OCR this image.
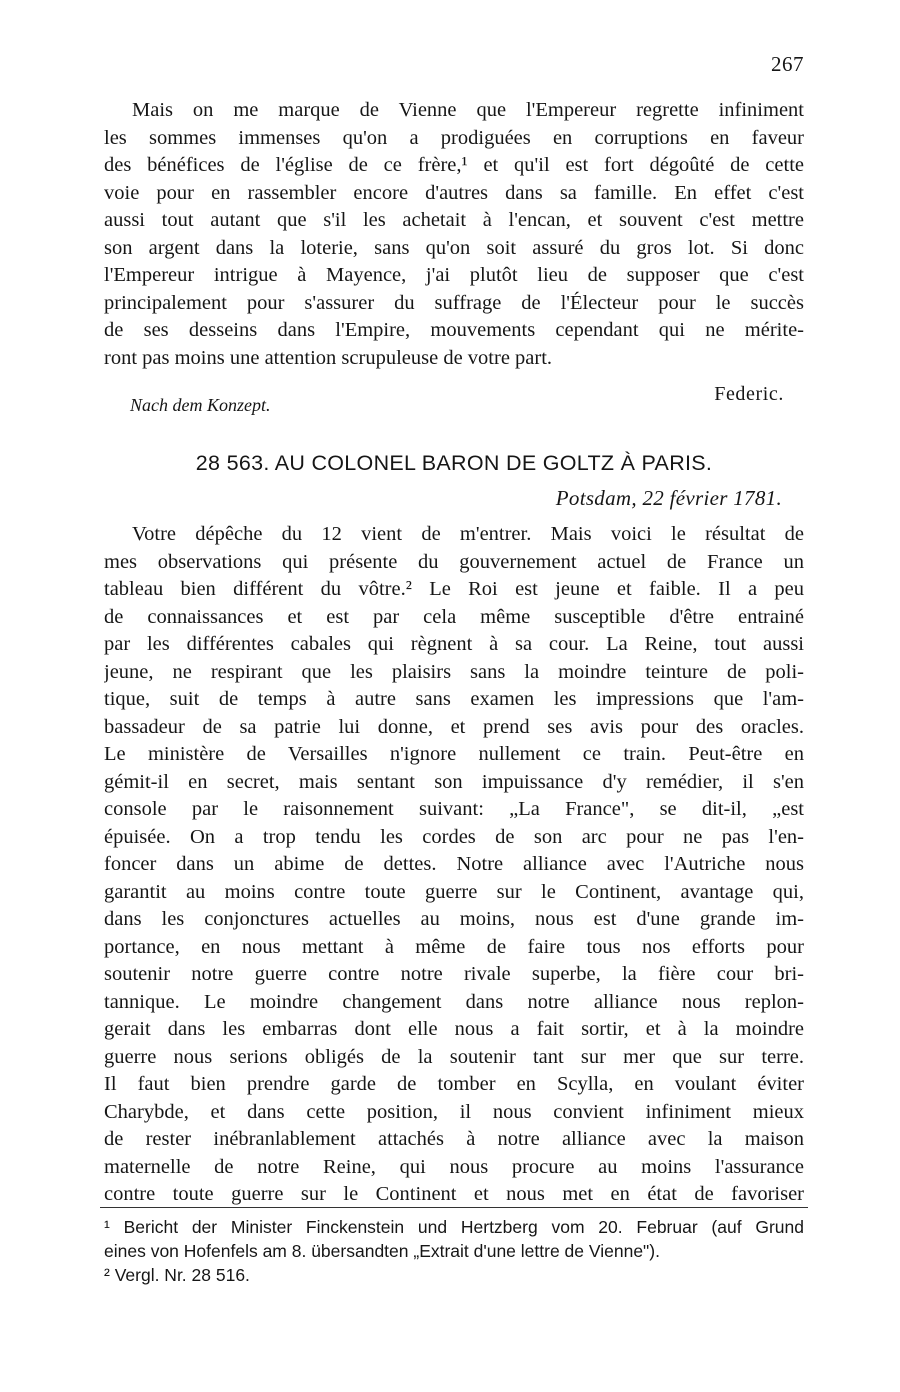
267
Mais on me marque de Vienne que l'Empereur regrette infiniment
les sommes immenses qu'on a prodiguées en corruptions en faveur
des bénéfices de l'église de ce frère,¹ et qu'il est fort dégoûté de cette
voie pour en rassembler encore d'autres dans sa famille. En effet c'est
aussi tout autant que s'il les achetait à l'encan, et souvent c'est mettre
son argent dans la loterie, sans qu'on soit assuré du gros lot. Si donc
l'Empereur intrigue à Mayence, j'ai plutôt lieu de supposer que c'est
principalement pour s'assurer du suffrage de l'Électeur pour le succès
de ses desseins dans l'Empire, mouvements cependant qui ne mérite-
ront pas moins une attention scrupuleuse de votre part.
Nach dem Konzept.	Federic.
28 563. AU COLONEL BARON DE GOLTZ À PARIS.
Potsdam, 22 février 1781.
Votre dépêche du 12 vient de m'entrer. Mais voici le résultat de
mes observations qui présente du gouvernement actuel de France un
tableau bien différent du vôtre.² Le Roi est jeune et faible. Il a peu
de connaissances et est par cela même susceptible d'être entrainé
par les différentes cabales qui règnent à sa cour. La Reine, tout aussi
jeune, ne respirant que les plaisirs sans la moindre teinture de poli-
tique, suit de temps à autre sans examen les impressions que l'am-
bassadeur de sa patrie lui donne, et prend ses avis pour des oracles.
Le ministère de Versailles n'ignore nullement ce train. Peut-être en
gémit-il en secret, mais sentant son impuissance d'y remédier, il s'en
console par le raisonnement suivant: „La France", se dit-il, „est
épuisée. On a trop tendu les cordes de son arc pour ne pas l'en-
foncer dans un abime de dettes. Notre alliance avec l'Autriche nous
garantit au moins contre toute guerre sur le Continent, avantage qui,
dans les conjonctures actuelles au moins, nous est d'une grande im-
portance, en nous mettant à même de faire tous nos efforts pour
soutenir notre guerre contre notre rivale superbe, la fière cour bri-
tannique. Le moindre changement dans notre alliance nous replon-
gerait dans les embarras dont elle nous a fait sortir, et à la moindre
guerre nous serions obligés de la soutenir tant sur mer que sur terre.
Il faut bien prendre garde de tomber en Scylla, en voulant éviter
Charybde, et dans cette position, il nous convient infiniment mieux
de rester inébranlablement attachés à notre alliance avec la maison
maternelle de notre Reine, qui nous procure au moins l'assurance
contre toute guerre sur le Continent et nous met en état de favoriser
¹ Bericht der Minister Finckenstein und Hertzberg vom 20. Februar (auf Grund
eines von Hofenfels am 8. übersandten „Extrait d'une lettre de Vienne").
² Vergl. Nr. 28 516.
